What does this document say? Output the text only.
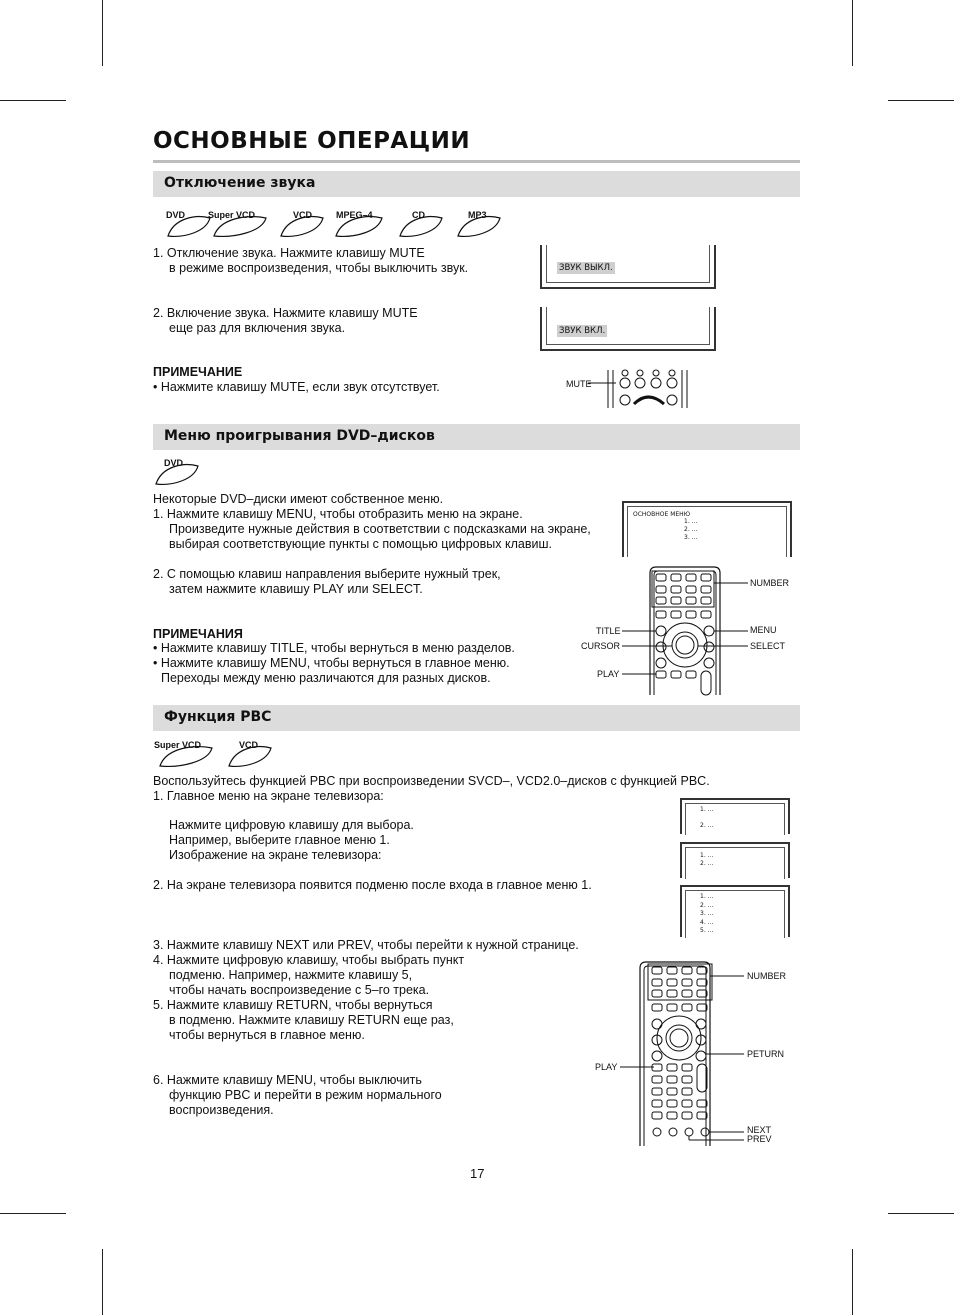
ОСНОВНЫЕ ОПЕРАЦИИ
Отключение звука
DVD	Super VCD	VCD	MPEG–4	CD	MP3
1. Отключение звука. Нажмите клавишу MUTE
в режиме воспроизведения, чтобы выключить звук.
2. Включение звука. Нажмите клавишу MUTE
еще раз для включения звука.
ПРИМЕЧАНИЕ
• Нажмите клавишу MUTE, если звук отсутствует.
ЗВУК ВЫКЛ.
ЗВУК ВКЛ.
MUTE
Меню проигрывания DVD–дисков
DVD
Некоторые DVD–диски имеют собственное меню.
1. Нажмите клавишу MENU, чтобы отобразить меню на экране.
Произведите нужные действия в соответствии с подсказками на экране,
выбирая соответствующие пункты с помощью цифровых клавиш.
2. С помощью клавиш направления выберите нужный трек,
затем нажмите клавишу PLAY или SELECT.
ПРИМЕЧАНИЯ
• Нажмите клавишу TITLE, чтобы вернуться в меню разделов.
• Нажмите клавишу MENU, чтобы вернуться в главное меню.
Переходы между меню различаются для разных дисков.
ОСНОВНОЕ МЕНЮ
1. ...
2. ...
3. ...
NUMBER
TITLE	MENU
CURSOR	SELECT
PLAY
Функция PBC
Super VCD	VCD
Воспользуйтесь функцией PBC при воспроизведении SVCD–, VCD2.0–дисков с функцией PBC.
1. Главное меню на экране телевизора:
Нажмите цифровую клавишу для выбора.
Например, выберите главное меню 1.
Изображение на экране телевизора:
2. На экране телевизора появится подменю после входа в главное меню 1.
3. Нажмите клавишу NEXT или PREV, чтобы перейти к нужной странице.
4. Нажмите цифровую клавишу, чтобы выбрать пункт
подменю. Например, нажмите клавишу 5,
чтобы начать воспроизведение с 5–го трека.
5. Нажмите клавишу RETURN, чтобы вернуться
в подменю. Нажмите клавишу RETURN еще раз,
чтобы вернуться в главное меню.
6. Нажмите клавишу MENU, чтобы выключить
функцию PBC и перейти в режим нормального
воспроизведения.
1. ...

2. ...
1. ...
2. ...
1. ...
2. ...
3. ...
4. ...
5. ...
NUMBER
PETURN
PLAY
NEXT
PREV
17
